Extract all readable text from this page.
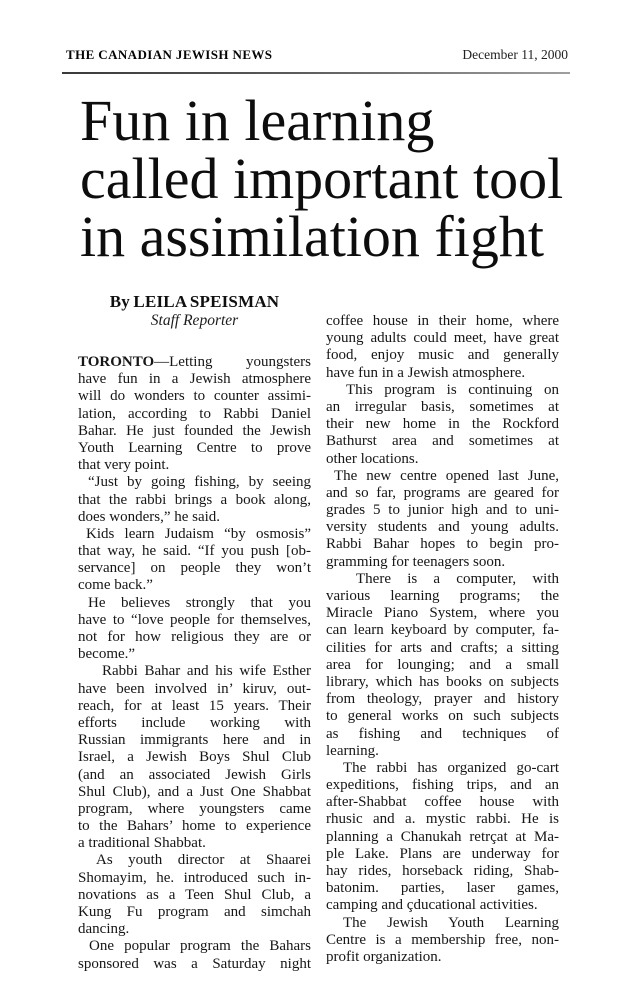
THE CANADIAN JEWISH NEWS	December 11, 2000
Fun in learning
called important tool
in assimilation fight
By LEILA SPEISMAN
Staff Reporter
TORONTO—Letting youngsters
have fun in a Jewish atmosphere
will do wonders to counter assimi-
lation, according to Rabbi Daniel
Bahar. He just founded the Jewish
Youth Learning Centre to prove
that very point.
“Just by going fishing, by seeing
that the rabbi brings a book along,
does wonders,” he said.
Kids learn Judaism “by osmosis”
that way, he said. “If you push [ob-
servance] on people they won’t
come back.”
He believes strongly that you
have to “love people for themselves,
not for how religious they are or
become.”
Rabbi Bahar and his wife Esther
have been involved in’ kiruv, out-
reach, for at least 15 years. Their
efforts include working with
Russian immigrants here and in
Israel, a Jewish Boys Shul Club
(and an associated Jewish Girls
Shul Club), and a Just One Shabbat
program, where youngsters came
to the Bahars’ home to experience
a traditional Shabbat.
As youth director at Shaarei
Shomayim, he. introduced such in-
novations as a Teen Shul Club, a
Kung Fu program and simchah
dancing.
One popular program the Bahars
sponsored was a Saturday night
coffee house in their home, where
young adults could meet, have great
food, enjoy music and generally
have fun in a Jewish atmosphere.
This program is continuing on
an irregular basis, sometimes at
their new home in the Rockford
Bathurst area and sometimes at
other locations.
The new centre opened last June,
and so far, programs are geared for
grades 5 to junior high and to uni-
versity students and young adults.
Rabbi Bahar hopes to begin pro-
gramming for teenagers soon.
There is a computer, with
various learning programs; the
Miracle Piano System, where you
can learn keyboard by computer, fa-
cilities for arts and crafts; a sitting
area for lounging; and a small
library, which has books on subjects
from theology, prayer and history
to general works on such subjects
as fishing and techniques of
learning.
The rabbi has organized go-cart
expeditions, fishing trips, and an
after-Shabbat coffee house with
rhusic and a. mystic rabbi. He is
planning a Chanukah retrçat at Ma-
ple Lake. Plans are underway for
hay rides, horseback riding, Shab-
batonim. parties, laser games,
camping and çducational activities.
The Jewish Youth Learning
Centre is a membership free, non-
profit organization.
